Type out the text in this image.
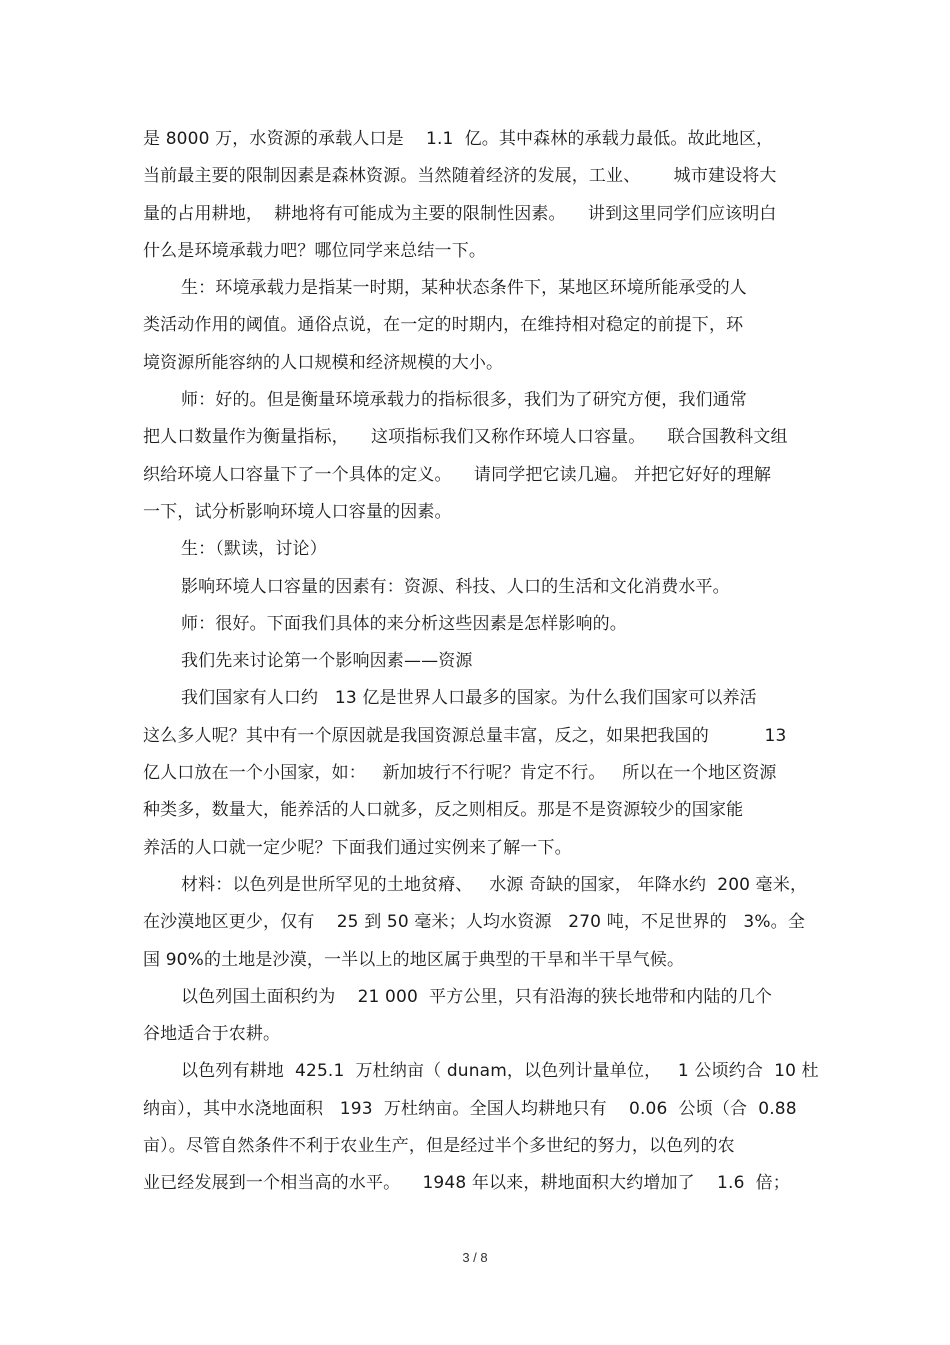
是 8000 万，水资源的承载人口是    1.1  亿。其中森林的承载力最低。故此地区，
当前最主要的限制因素是森林资源。当然随着经济的发展，工业、      城市建设将大
量的占用耕地，  耕地将有可能成为主要的限制性因素。    讲到这里同学们应该明白
什么是环境承载力吧？哪位同学来总结一下。
生：环境承载力是指某一时期，某种状态条件下，某地区环境所能承受的人
类活动作用的阈值。通俗点说，在一定的时期内，在维持相对稳定的前提下，环
境资源所能容纳的人口规模和经济规模的大小。
师：好的。但是衡量环境承载力的指标很多，我们为了研究方便，我们通常
把人口数量作为衡量指标，    这项指标我们又称作环境人口容量。    联合国教科文组
织给环境人口容量下了一个具体的定义。    请同学把它读几遍。 并把它好好的理解
一下，试分析影响环境人口容量的因素。
生：（默读，讨论）
影响环境人口容量的因素有：资源、科技、人口的生活和文化消费水平。
师：很好。下面我们具体的来分析这些因素是怎样影响的。
我们先来讨论第一个影响因素——资源
我们国家有人口约   13 亿是世界人口最多的国家。为什么我们国家可以养活
这么多人呢？其中有一个原因就是我国资源总量丰富，反之，如果把我国的          13
亿人口放在一个小国家，如：   新加坡行不行呢？肯定不行。   所以在一个地区资源
种类多，数量大，能养活的人口就多，反之则相反。那是不是资源较少的国家能
养活的人口就一定少呢？下面我们通过实例来了解一下。
材料：以色列是世所罕见的土地贫瘠、   水源 奇缺的国家， 年降水约  200 毫米，
在沙漠地区更少，仅有    25 到 50 毫米；人均水资源   270 吨，不足世界的   3%。全
国 90%的土地是沙漠，一半以上的地区属于典型的干旱和半干旱气候。
以色列国土面积约为    21 000  平方公里，只有沿海的狭长地带和内陆的几个
谷地适合于农耕。
以色列有耕地  425.1  万杜纳亩（ dunam，以色列计量单位，   1 公顷约合  10 杜
纳亩），其中水浇地面积   193  万杜纳亩。全国人均耕地只有    0.06  公顷（合  0.88
亩）。尽管自然条件不利于农业生产，但是经过半个多世纪的努力，以色列的农
业已经发展到一个相当高的水平。    1948 年以来，耕地面积大约增加了    1.6  倍；
3 / 8
